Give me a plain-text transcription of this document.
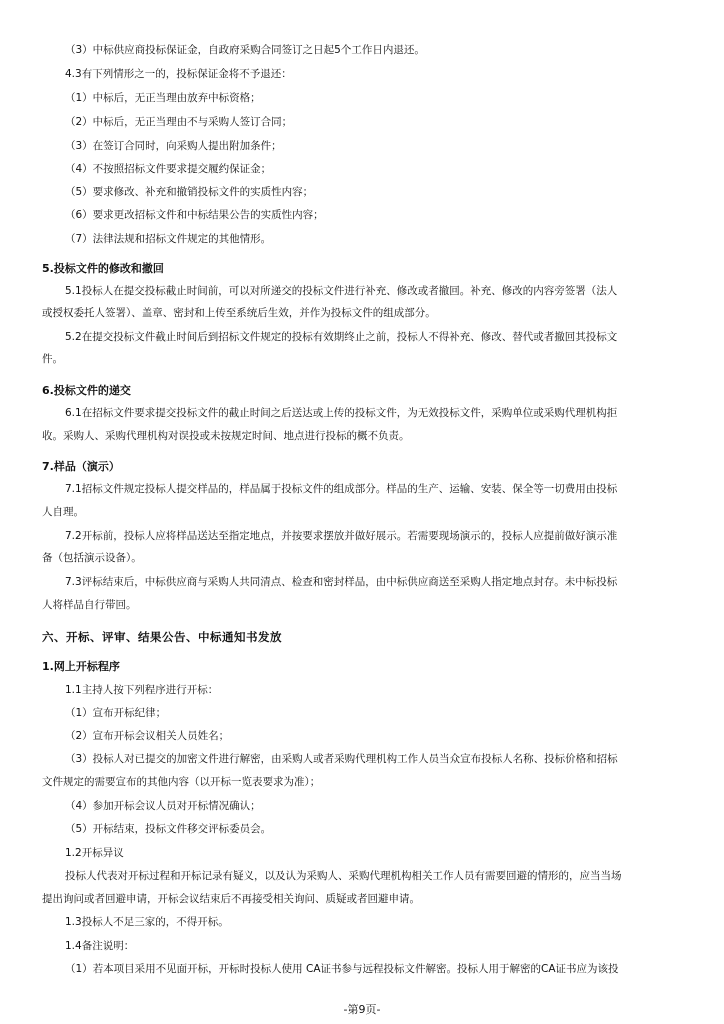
（3）中标供应商投标保证金，自政府采购合同签订之日起5个工作日内退还。
4.3有下列情形之一的，投标保证金将不予退还：
（1）中标后，无正当理由放弃中标资格；
（2）中标后，无正当理由不与采购人签订合同；
（3）在签订合同时，向采购人提出附加条件；
（4）不按照招标文件要求提交履约保证金；
（5）要求修改、补充和撤销投标文件的实质性内容；
（6）要求更改招标文件和中标结果公告的实质性内容；
（7）法律法规和招标文件规定的其他情形。
5.投标文件的修改和撤回
5.1投标人在提交投标截止时间前，可以对所递交的投标文件进行补充、修改或者撤回。补充、修改的内容旁签署（法人
或授权委托人签署）、盖章、密封和上传至系统后生效，并作为投标文件的组成部分。
5.2在提交投标文件截止时间后到招标文件规定的投标有效期终止之前，投标人不得补充、修改、替代或者撤回其投标文
件。
6.投标文件的递交
6.1在招标文件要求提交投标文件的截止时间之后送达或上传的投标文件，为无效投标文件，采购单位或采购代理机构拒
收。采购人、采购代理机构对误投或未按规定时间、地点进行投标的概不负责。
7.样品（演示）
7.1招标文件规定投标人提交样品的，样品属于投标文件的组成部分。样品的生产、运输、安装、保全等一切费用由投标
人自理。
7.2开标前，投标人应将样品送达至指定地点，并按要求摆放并做好展示。若需要现场演示的，投标人应提前做好演示准
备（包括演示设备）。
7.3评标结束后，中标供应商与采购人共同清点、检查和密封样品，由中标供应商送至采购人指定地点封存。未中标投标
人将样品自行带回。
六、开标、评审、结果公告、中标通知书发放
1.网上开标程序
1.1主持人按下列程序进行开标：
（1）宣布开标纪律；
（2）宣布开标会议相关人员姓名；
（3）投标人对已提交的加密文件进行解密，由采购人或者采购代理机构工作人员当众宣布投标人名称、投标价格和招标
文件规定的需要宣布的其他内容（以开标一览表要求为准）；
（4）参加开标会议人员对开标情况确认；
（5）开标结束，投标文件移交评标委员会。
1.2开标异议
投标人代表对开标过程和开标记录有疑义，以及认为采购人、采购代理机构相关工作人员有需要回避的情形的，应当当场
提出询问或者回避申请，开标会议结束后不再接受相关询问、质疑或者回避申请。
1.3投标人不足三家的，不得开标。
1.4备注说明：
（1）若本项目采用不见面开标，开标时投标人使用 CA证书参与远程投标文件解密。投标人用于解密的CA证书应为该投
-第9页-
